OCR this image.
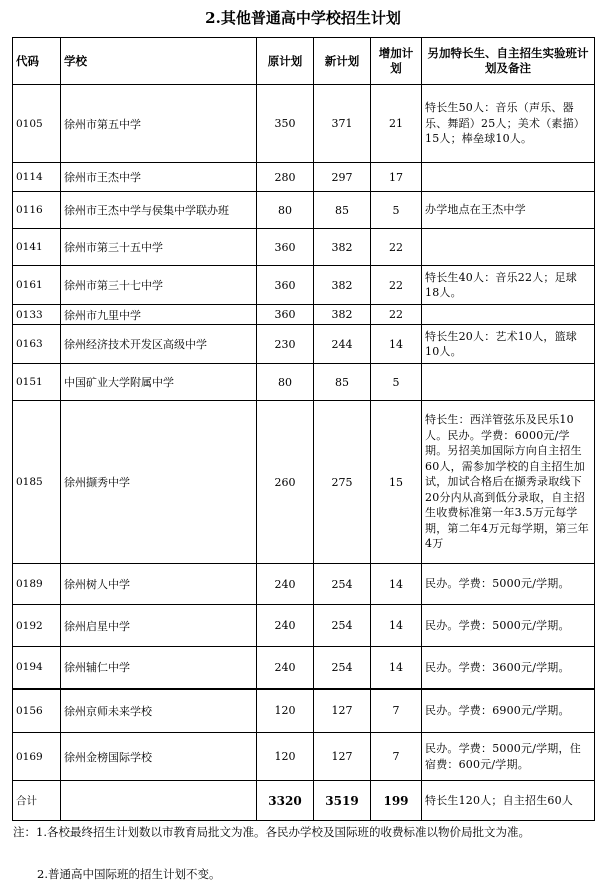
2.其他普通高中学校招生计划
代码	学校	原计划	新计划	增加计划	另加特长生、自主招生实验班计划及备注
0105	徐州市第五中学	350	371	21	特长生50人：音乐（声乐、器乐、舞蹈）25人；美术（素描）15人；棒垒球10人。
0114	徐州市王杰中学	280	297	17	
0116	徐州市王杰中学与侯集中学联办班	80	85	5	办学地点在王杰中学
0141	徐州市第三十五中学	360	382	22	
0161	徐州市第三十七中学	360	382	22	特长生40人：音乐22人；足球18人。
0133	徐州市九里中学	360	382	22	
0163	徐州经济技术开发区高级中学	230	244	14	特长生20人：艺术10人，篮球10人。
0151	中国矿业大学附属中学	80	85	5	
0185	徐州撷秀中学	260	275	15	特长生：西洋管弦乐及民乐10人。民办。学费：6000元/学期。另招美加国际方向自主招生60人，需参加学校的自主招生加试，加试合格后在撷秀录取线下20分内从高到低分录取，自主招生收费标准第一年3.5万元每学期，第二年4万元每学期，第三年4万
0189	徐州树人中学	240	254	14	民办。学费：5000元/学期。
0192	徐州启星中学	240	254	14	民办。学费：5000元/学期。
0194	徐州辅仁中学	240	254	14	民办。学费：3600元/学期。
0156	徐州京师未来学校	120	127	7	民办。学费：6900元/学期。
0169	徐州金榜国际学校	120	127	7	民办。学费：5000元/学期，住宿费：600元/学期。
合计		3320	3519	199	特长生120人；自主招生60人
注：1.各校最终招生计划数以市教育局批文为准。各民办学校及国际班的收费标准以物价局批文为准。
2.普通高中国际班的招生计划不变。
